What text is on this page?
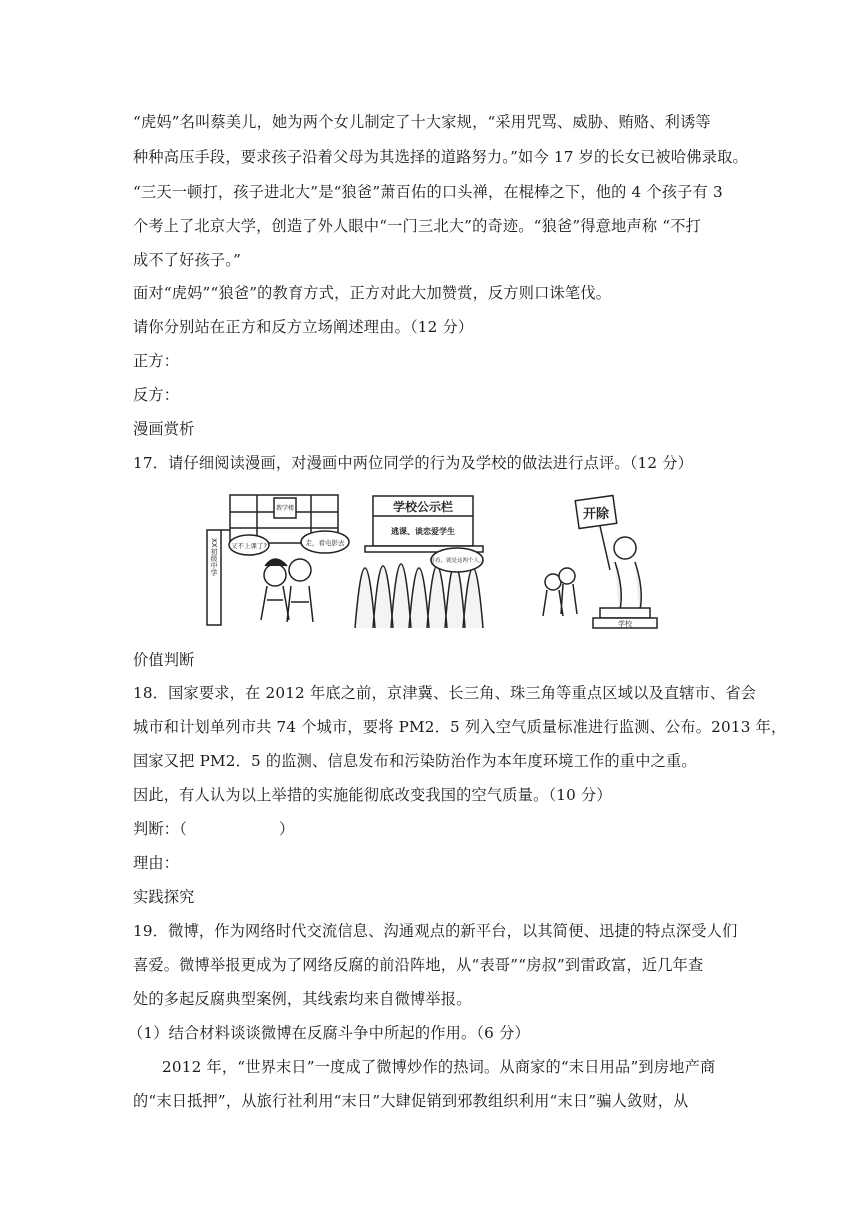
“虎妈”名叫蔡美儿，她为两个女儿制定了十大家规，“采用咒骂、威胁、贿赂、利诱等
种种高压手段，要求孩子沿着父母为其选择的道路努力。”如今 17 岁的长女已被哈佛录取。
“三天一顿打，孩子进北大”是“狼爸”萧百佑的口头禅，在棍棒之下，他的 4 个孩子有 3
个考上了北京大学，创造了外人眼中“一门三北大”的奇迹。“狼爸”得意地声称 “不打
成不了好孩子。”
面对“虎妈”“狼爸”的教育方式，正方对此大加赞赏，反方则口诛笔伐。
请你分别站在正方和反方立场阐述理由。（12 分）
正方：
反方：
漫画赏析
17．请仔细阅读漫画，对漫画中两位同学的行为及学校的做法进行点评。（12 分）
教学楼
XX初级中学 又不上课了?	走，看电影去
学校公示栏
逃课、谈恋爱学生
看看，就是这两个人。
开除
学校
价值判断
18．国家要求，在 2012 年底之前，京津冀、长三角、珠三角等重点区域以及直辖市、省会
城市和计划单列市共 74 个城市，要将 PM2．5 列入空气质量标准进行监测、公布。2013 年，
国家又把 PM2．5 的监测、信息发布和污染防治作为本年度环境工作的重中之重。
因此，有人认为以上举措的实施能彻底改变我国的空气质量。（10 分）
判断：（	）
理由：
实践探究
19．微博，作为网络时代交流信息、沟通观点的新平台，以其简便、迅捷的特点深受人们
喜爱。微博举报更成为了网络反腐的前沿阵地，从“表哥”“房叔”到雷政富，近几年查
处的多起反腐典型案例，其线索均来自微博举报。
（1）结合材料谈谈微博在反腐斗争中所起的作用。（6 分）
2012 年，“世界末日”一度成了微博炒作的热词。从商家的“末日用品”到房地产商
的“末日抵押”，从旅行社利用“末日”大肆促销到邪教组织利用“末日”骗人敛财，从
